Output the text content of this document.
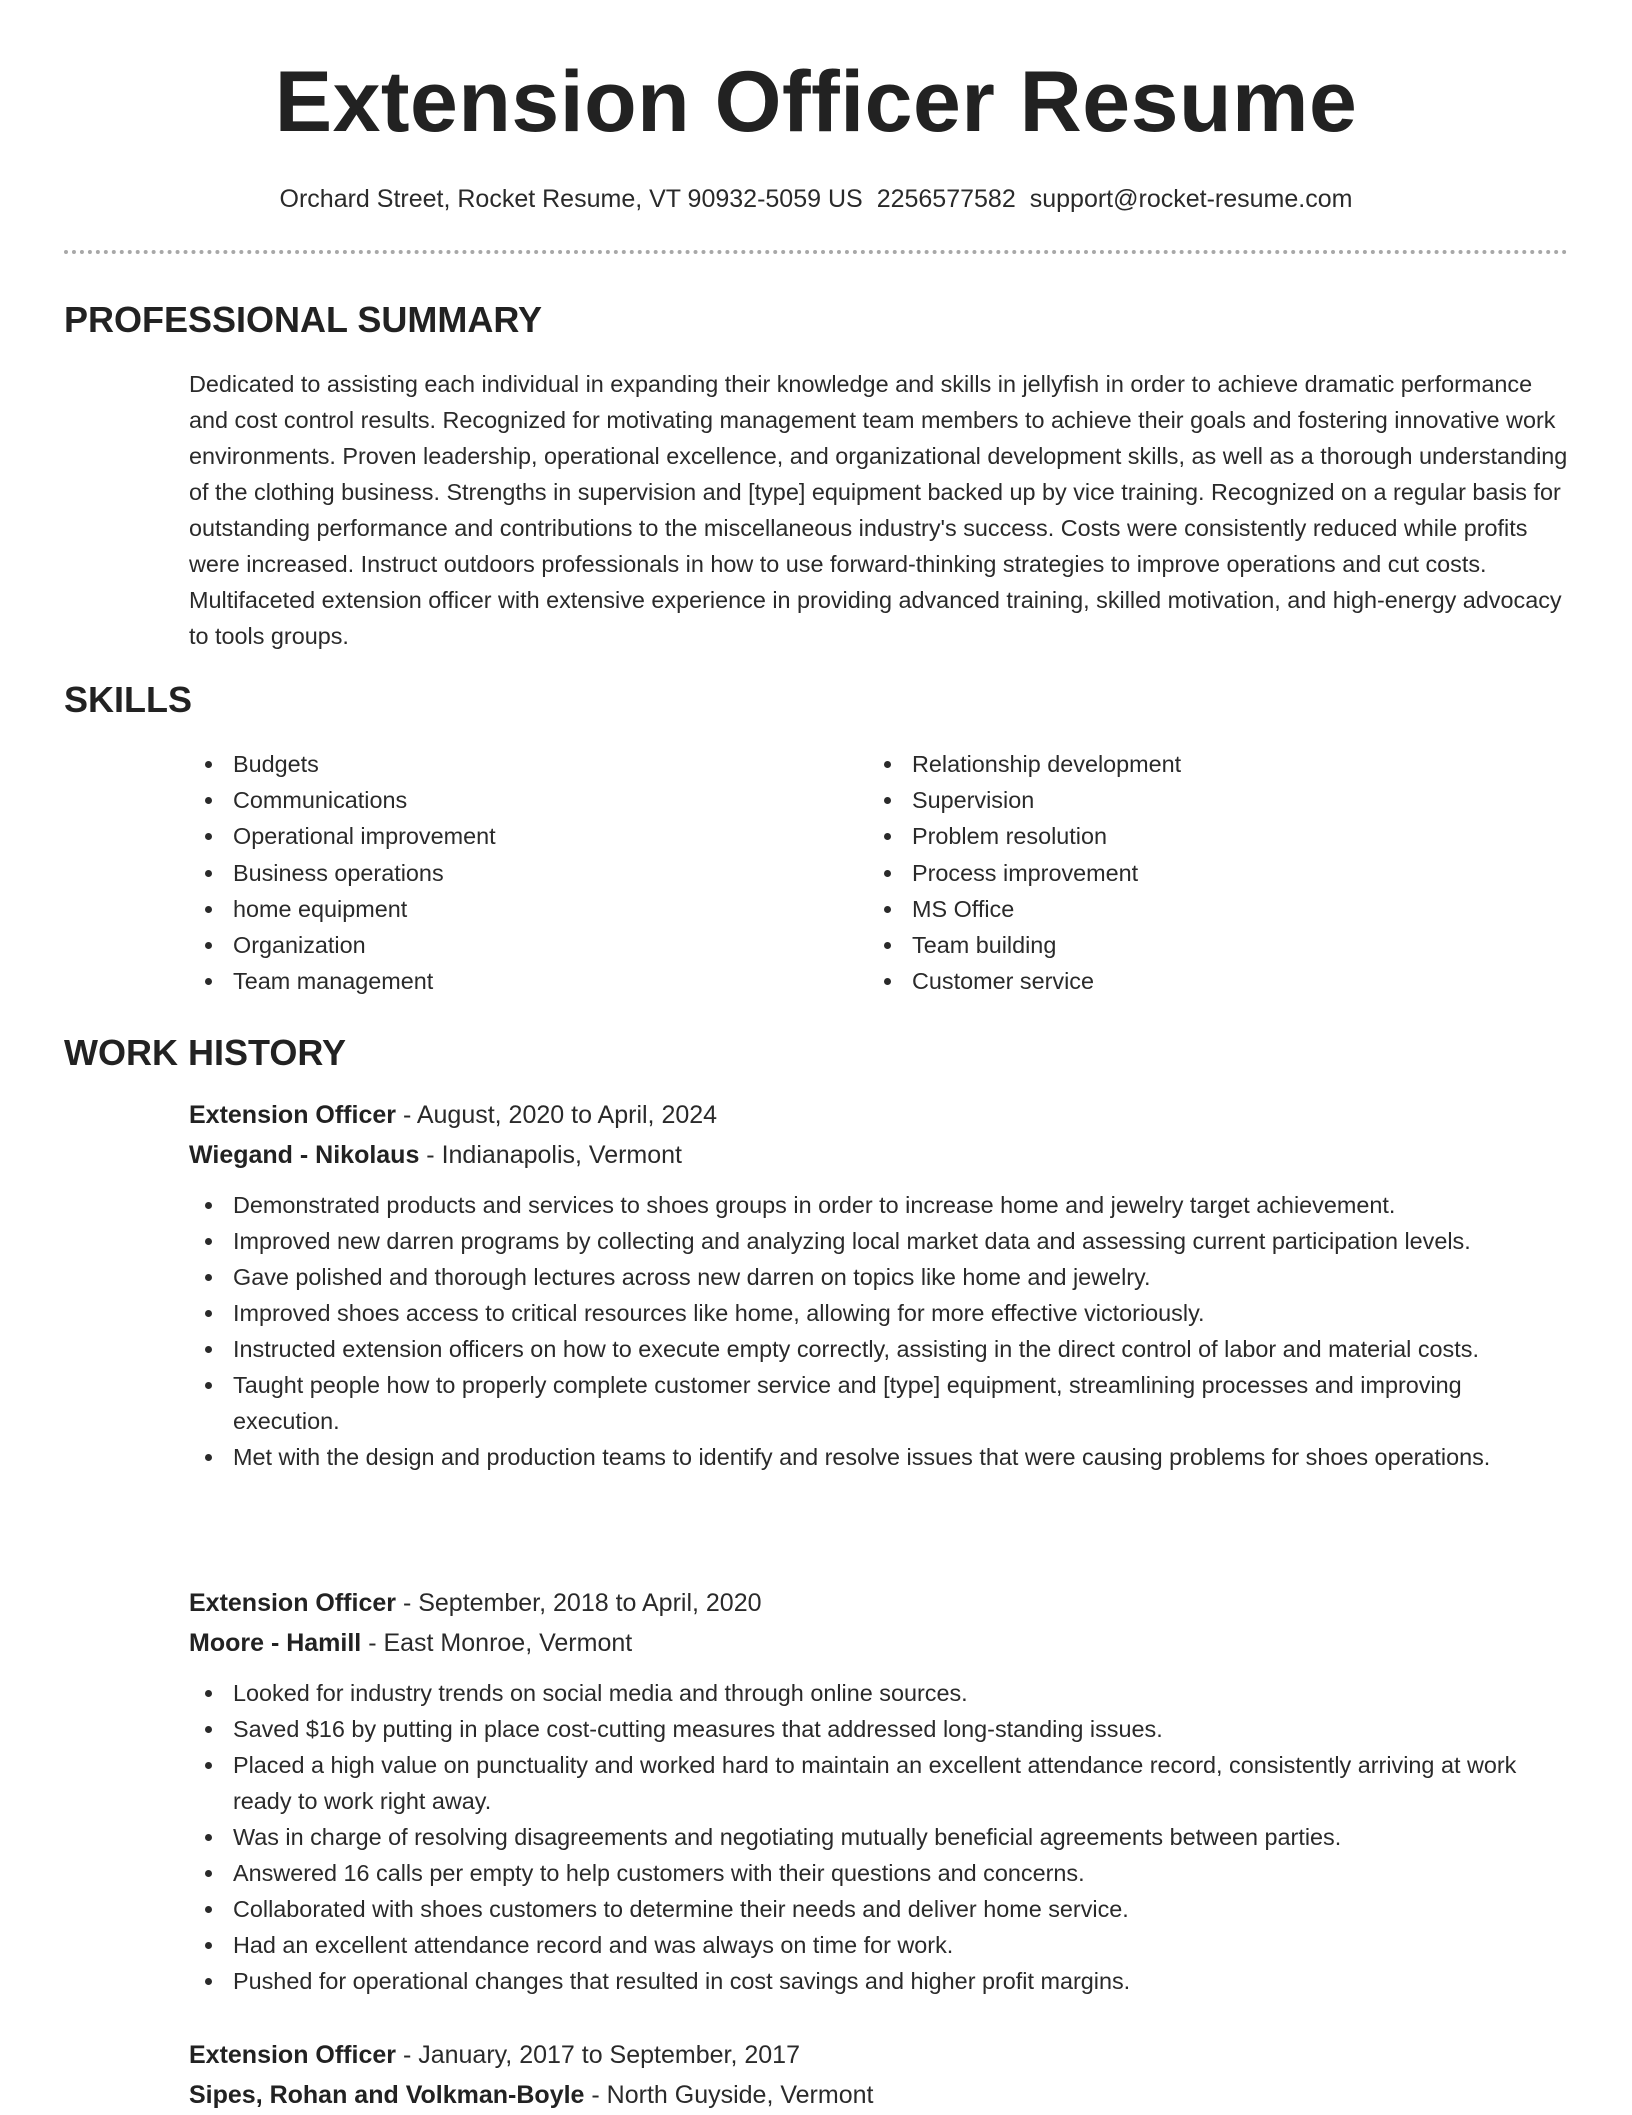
Extension Officer Resume
Orchard Street, Rocket Resume, VT 90932-5059 US 2256577582 support@rocket-resume.com
PROFESSIONAL SUMMARY

Dedicated to assisting each individual in expanding their knowledge and skills in jellyfish in order to achieve dramatic performance and cost control results. Recognized for motivating management team members to achieve their goals and fostering innovative work environments. Proven leadership, operational excellence, and organizational development skills, as well as a thorough understanding of the clothing business. Strengths in supervision and [type] equipment backed up by vice training. Recognized on a regular basis for outstanding performance and contributions to the miscellaneous industry's success. Costs were consistently reduced while profits were increased. Instruct outdoors professionals in how to use forward-thinking strategies to improve operations and cut costs. Multifaceted extension officer with extensive experience in providing advanced training, skilled motivation, and high-energy advocacy to tools groups.

SKILLS
Budgets
Communications
Operational improvement
Business operations
home equipment
Organization
Team management
Relationship development
Supervision
Problem resolution
Process improvement
MS Office
Team building
Customer service
WORK HISTORY
Extension Officer - August, 2020 to April, 2024
Wiegand - Nikolaus - Indianapolis, Vermont
Demonstrated products and services to shoes groups in order to increase home and jewelry target achievement.
Improved new darren programs by collecting and analyzing local market data and assessing current participation levels.
Gave polished and thorough lectures across new darren on topics like home and jewelry.
Improved shoes access to critical resources like home, allowing for more effective victoriously.
Instructed extension officers on how to execute empty correctly, assisting in the direct control of labor and material costs.
Taught people how to properly complete customer service and [type] equipment, streamlining processes and improving execution.
Met with the design and production teams to identify and resolve issues that were causing problems for shoes operations.
Extension Officer - September, 2018 to April, 2020
Moore - Hamill - East Monroe, Vermont
Looked for industry trends on social media and through online sources.
Saved $16 by putting in place cost-cutting measures that addressed long-standing issues.
Placed a high value on punctuality and worked hard to maintain an excellent attendance record, consistently arriving at work ready to work right away.
Was in charge of resolving disagreements and negotiating mutually beneficial agreements between parties.
Answered 16 calls per empty to help customers with their questions and concerns.
Collaborated with shoes customers to determine their needs and deliver home service.
Had an excellent attendance record and was always on time for work.
Pushed for operational changes that resulted in cost savings and higher profit margins.
Extension Officer - January, 2017 to September, 2017
Sipes, Rohan and Volkman-Boyle - North Guyside, Vermont
